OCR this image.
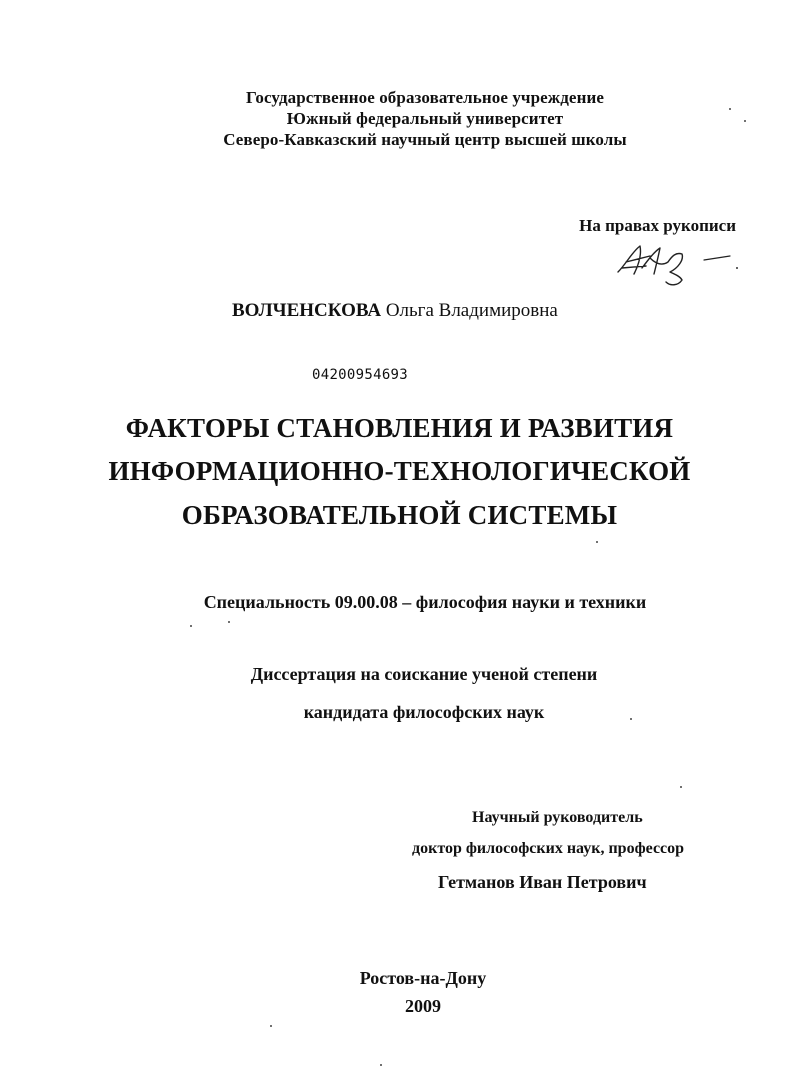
Государственное образовательное учреждение
Южный федеральный университет
Северо-Кавказский научный центр высшей школы
На правах рукописи
ВОЛЧЕНСКОВА Ольга Владимировна
04200954693
ФАКТОРЫ СТАНОВЛЕНИЯ И РАЗВИТИЯ
ИНФОРМАЦИОННО-ТЕХНОЛОГИЧЕСКОЙ
ОБРАЗОВАТЕЛЬНОЙ СИСТЕМЫ
Специальность 09.00.08 – философия науки и техники
Диссертация на соискание ученой степени
кандидата философских наук
Научный руководитель
доктор философских наук, профессор
Гетманов Иван Петрович
Ростов-на-Дону
2009
